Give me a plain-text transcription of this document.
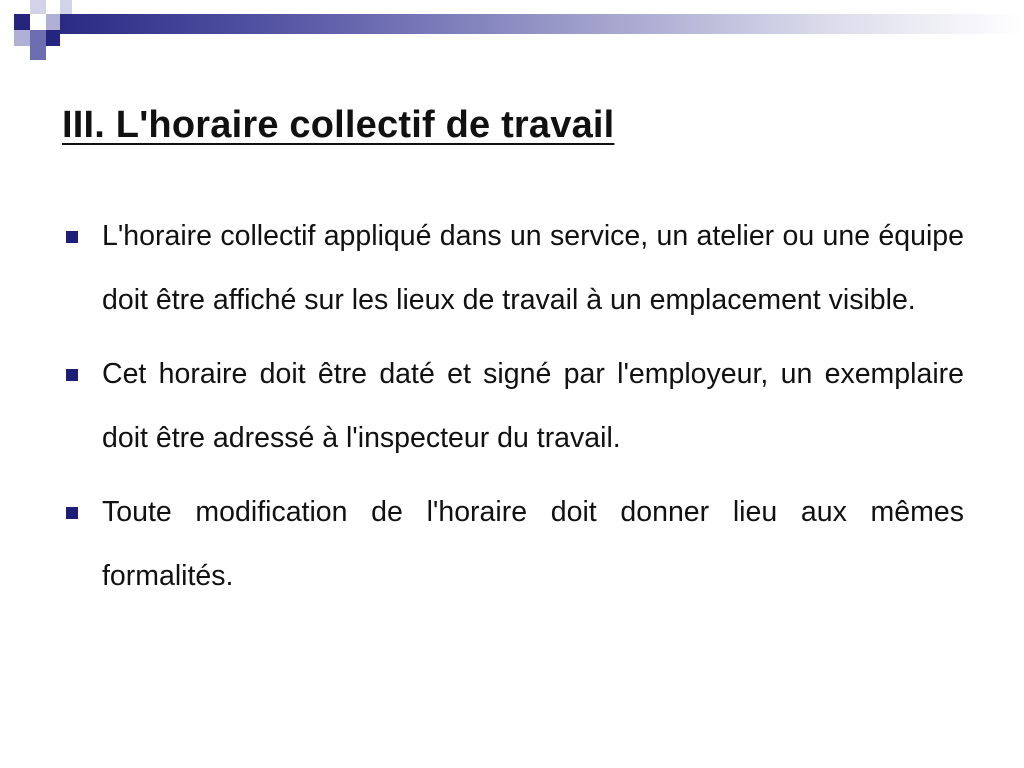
III. L'horaire collectif de travail
L'horaire collectif appliqué dans un service, un atelier ou une équipe doit être affiché sur les lieux de travail à un emplacement visible.
Cet horaire doit être daté et signé par l'employeur, un exemplaire doit être adressé à l'inspecteur du travail.
Toute modification de l'horaire doit donner lieu aux mêmes formalités.
